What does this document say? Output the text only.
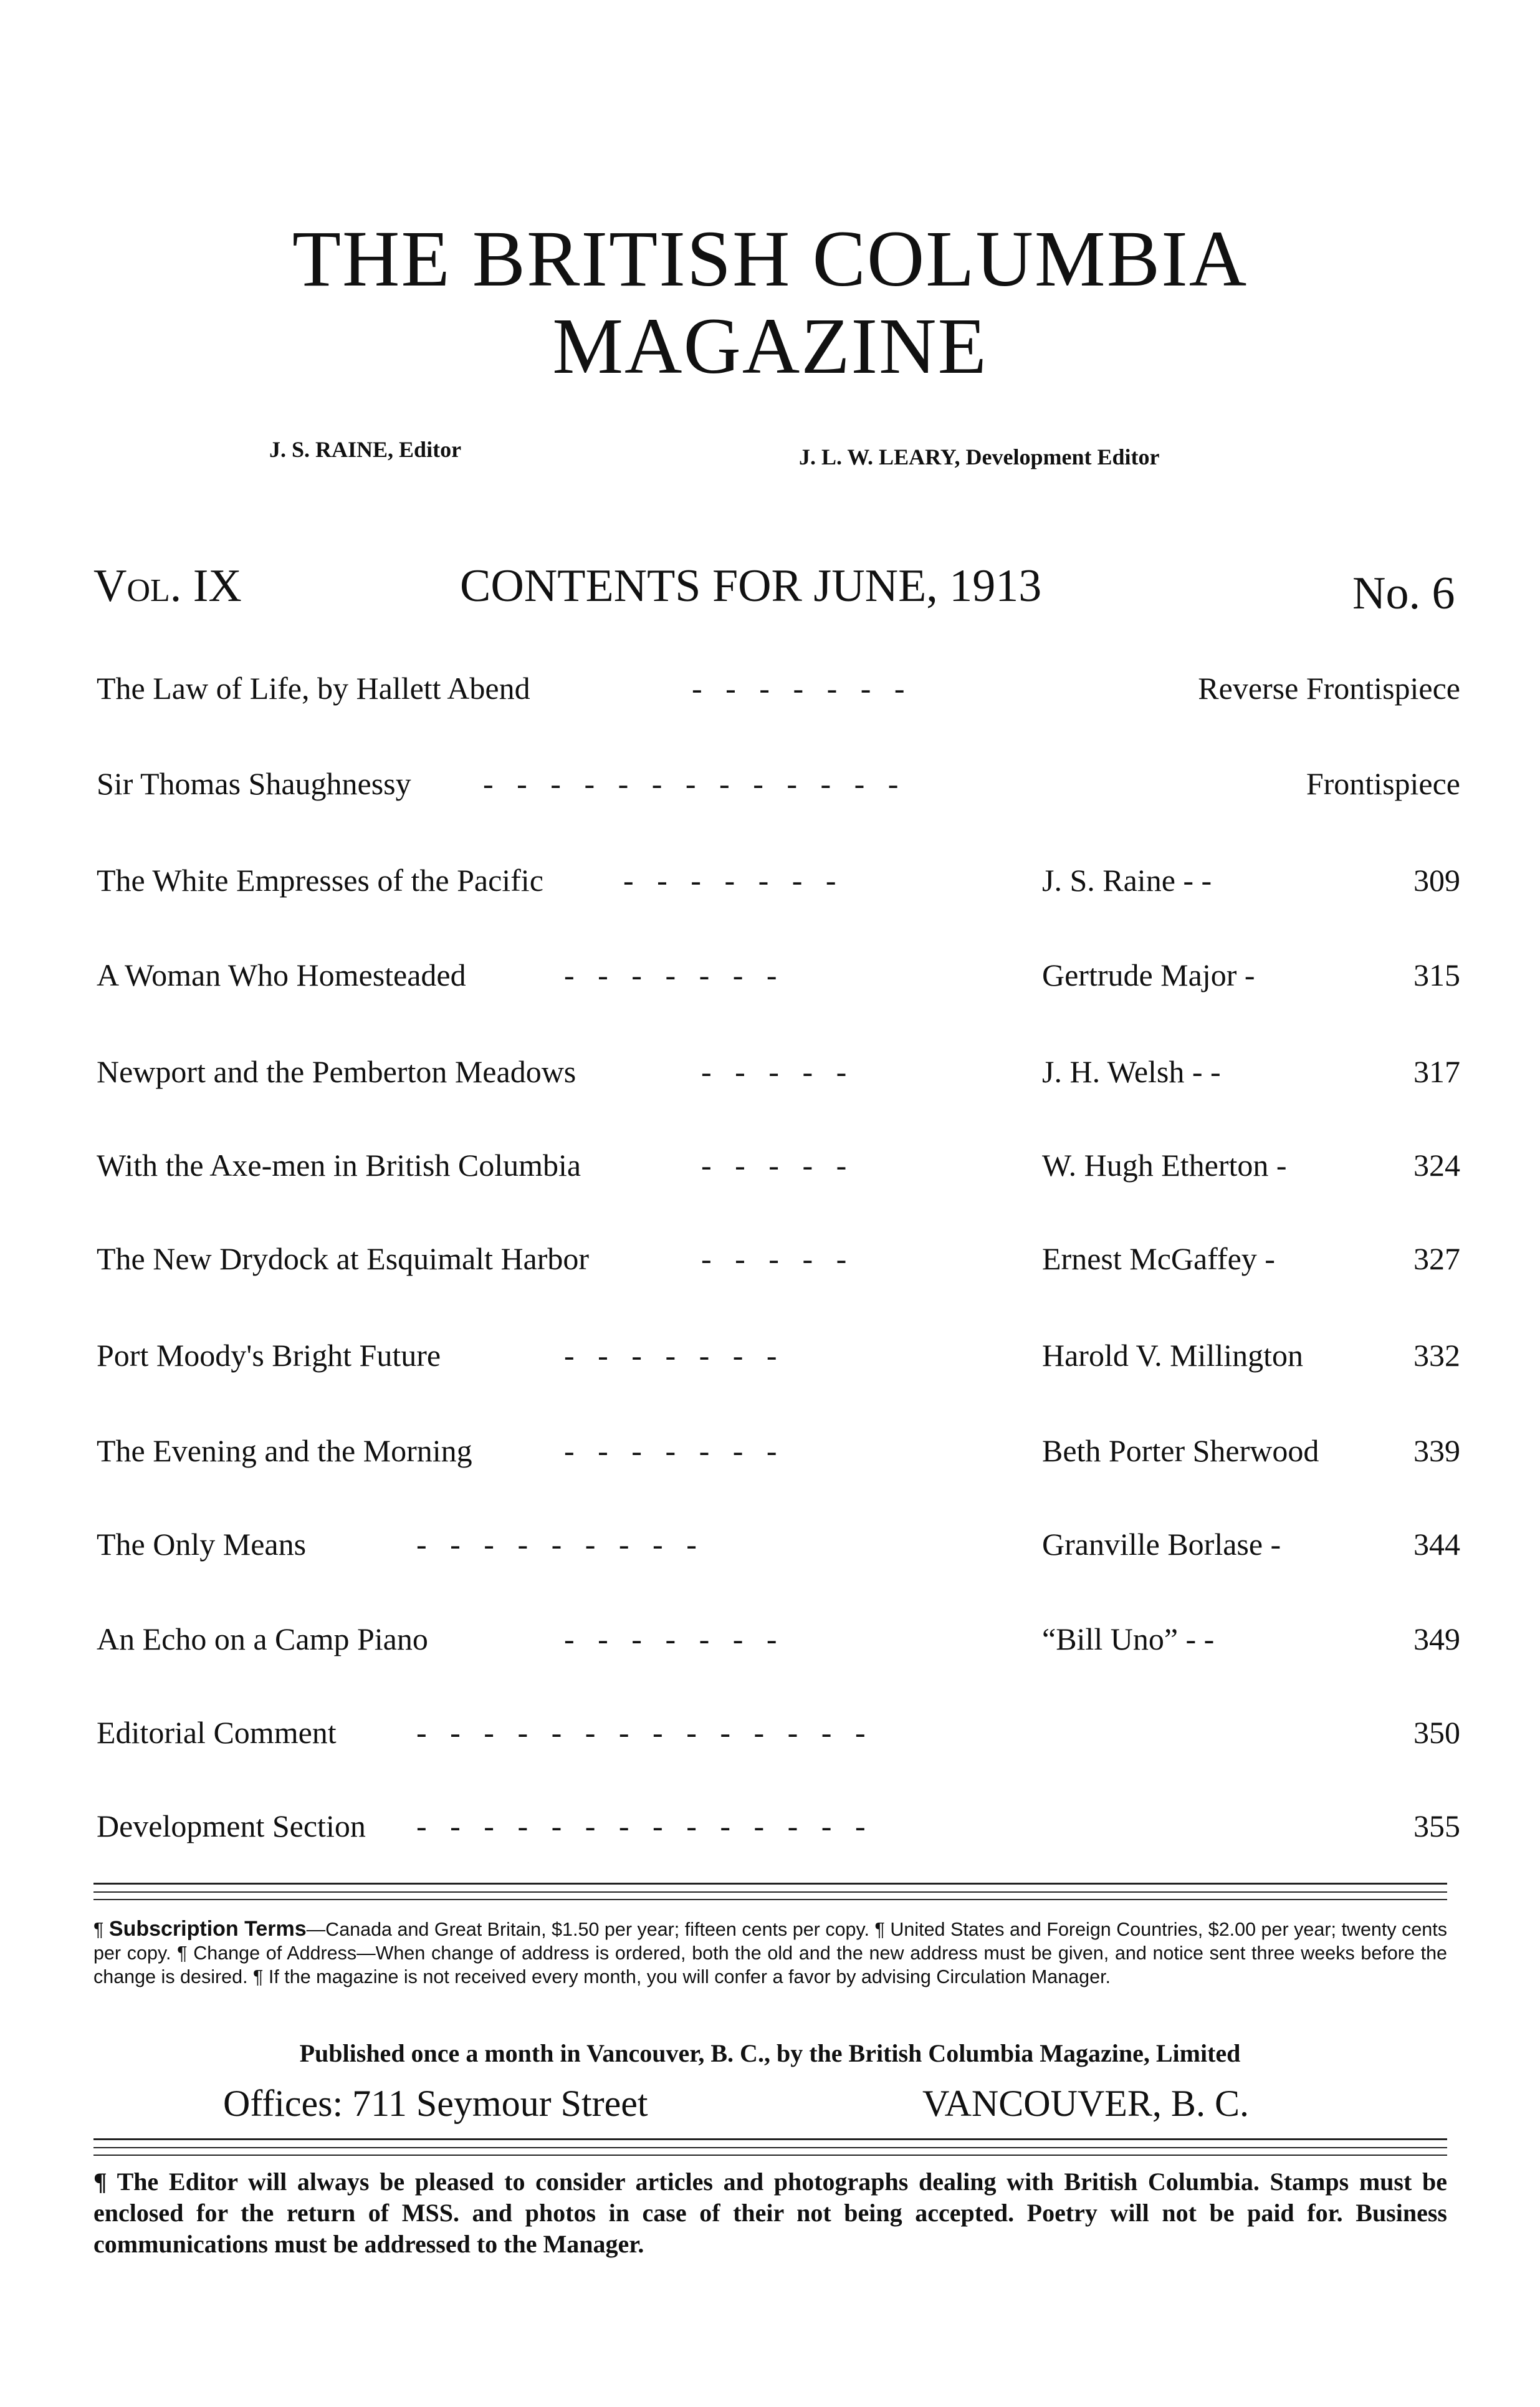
THE BRITISH COLUMBIA
MAGAZINE
J. S. RAINE, Editor	J. L. W. LEARY, Development Editor
Vol. IX	CONTENTS FOR JUNE, 1913	No. 6
The Law of Life, by Hallett Abend	-   -   -   -   -   -   -	Reverse Frontispiece
Sir Thomas Shaughnessy -   -   -   -   -   -   -   -   -   -   -   -   -	Frontispiece
The White Empresses of the Pacific	-   -   -   -   -   -   -	J. S. Raine - -	309
A Woman Who Homesteaded	-   -   -   -   -   -   -	Gertrude Major -	315
Newport and the Pemberton Meadows	-   -   -   -   -	J. H. Welsh - -	317
With the Axe-men in British Columbia	-   -   -   -   -	W. Hugh Etherton -	324
The New Drydock at Esquimalt Harbor	-   -   -   -   -	Ernest McGaffey -	327
Port Moody's Bright Future	-   -   -   -   -   -   -	Harold V. Millington	332
The Evening and the Morning	-   -   -   -   -   -   -	Beth Porter Sherwood	339
The Only Means	-   -   -   -   -   -   -   -   -	Granville Borlase -	344
An Echo on a Camp Piano	-   -   -   -   -   -   -	“Bill Uno” - -	349
Editorial Comment	-   -   -   -   -   -   -   -   -   -   -   -   -   -	350
Development Section -   -   -   -   -   -   -   -   -   -   -   -   -   -	355
¶ Subscription Terms—Canada and Great Britain, $1.50 per year; fifteen cents per copy. ¶ United States and Foreign Countries, $2.00 per year; twenty cents per copy. ¶ Change of Address—When change of address is ordered, both the old and the new address must be given, and notice sent three weeks before the change is desired. ¶ If the magazine is not received every month, you will confer a favor by advising Circulation Manager.
Published once a month in Vancouver, B. C., by the British Columbia Magazine, Limited
Offices: 711 Seymour Street	VANCOUVER, B. C.
¶ The Editor will always be pleased to consider articles and photographs dealing with British Columbia. Stamps must be enclosed for the return of MSS. and photos in case of their not being accepted. Poetry will not be paid for. Business communications must be addressed to the Manager.
